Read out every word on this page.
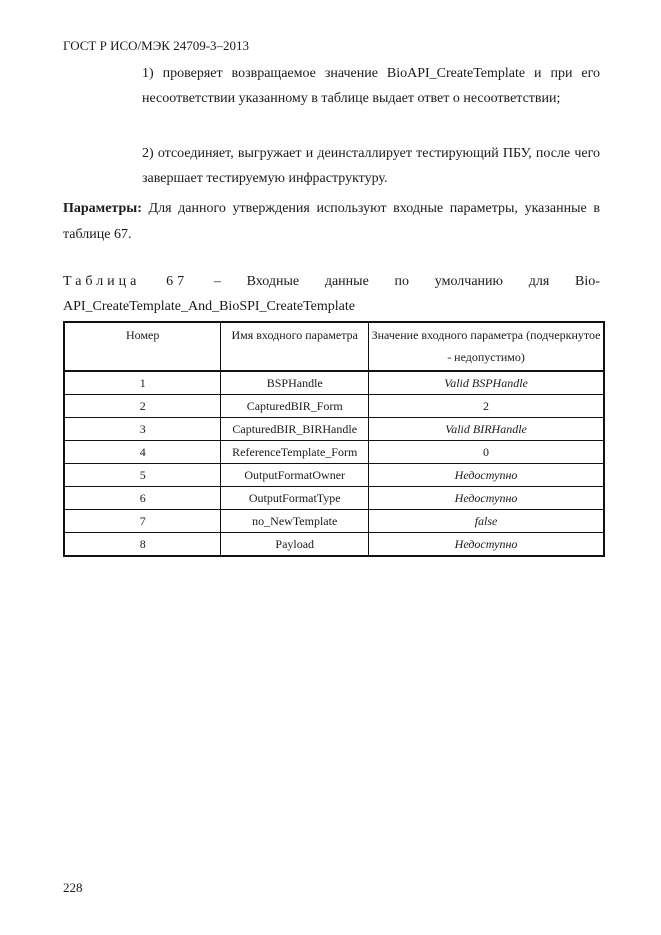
ГОСТ Р ИСО/МЭК 24709-3–2013
1) проверяет возвращаемое значение BioAPI_CreateTemplate и при его несоответствии указанному в таблице выдает ответ о несоответствии;
2) отсоединяет, выгружает и деинсталлирует тестирующий ПБУ, после чего завершает тестируемую инфраструктуру.
Параметры: Для данного утверждения используют входные параметры, указанные в таблице 67.
Таблица 67 – Входные данные по умолчанию для Bio-
API_CreateTemplate_And_BioSPI_CreateTemplate
Номер	Имя входного параметра	Значение входного параметра (подчеркнутое - недопустимо)
1	BSPHandle	Valid BSPHandle
2	CapturedBIR_Form	2
3	CapturedBIR_BIRHandle	Valid BIRHandle
4	ReferenceTemplate_Form	0
5	OutputFormatOwner	Недоступно
6	OutputFormatType	Недоступно
7	no_NewTemplate	false
8	Payload	Недоступно
228
